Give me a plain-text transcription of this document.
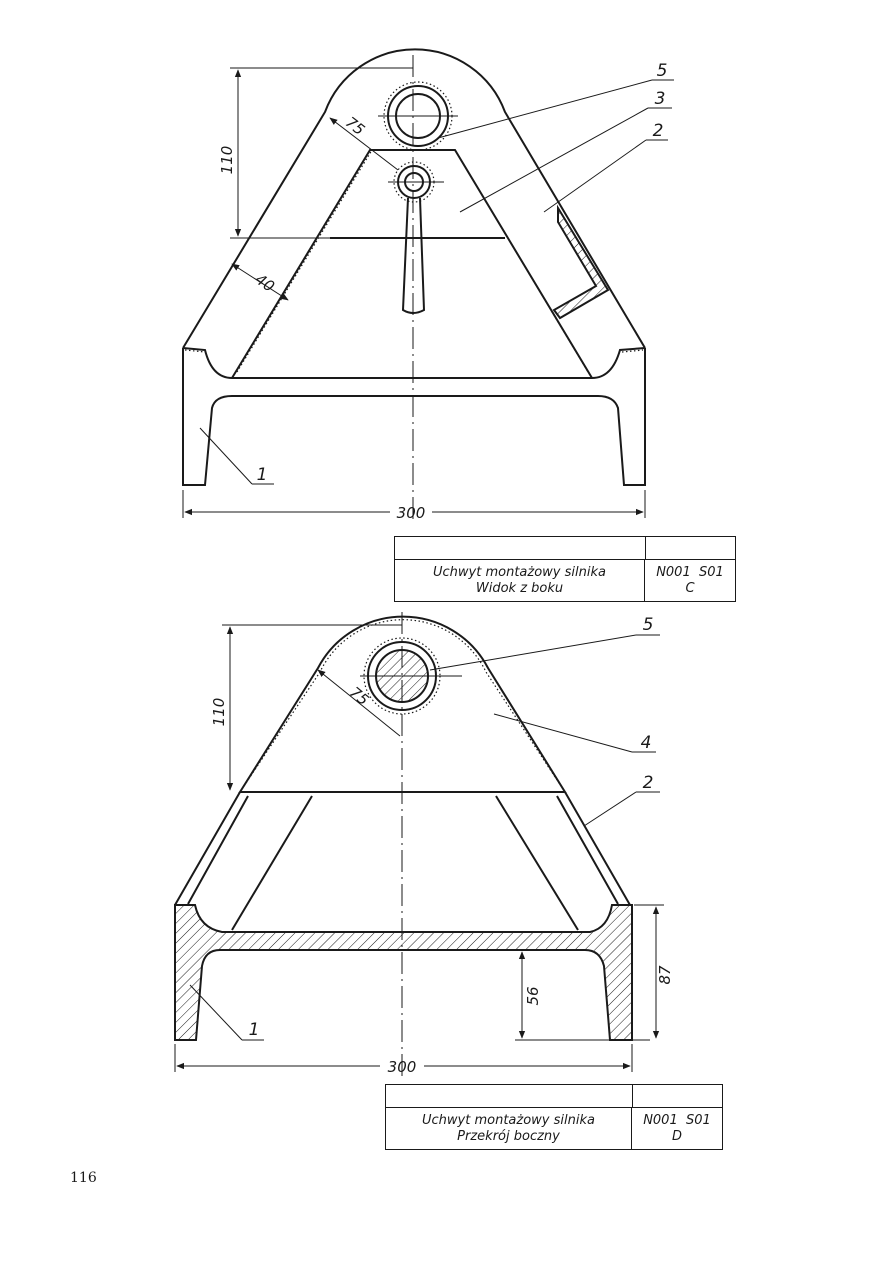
110
75
40
300
5
3
2
1
110
75
56
87
300
5
4
2
1
Uchwyt montażowy silnika
Widok z boku
N001  S01
C
Uchwyt montażowy silnika
Przekrój boczny
N001  S01
D
116
